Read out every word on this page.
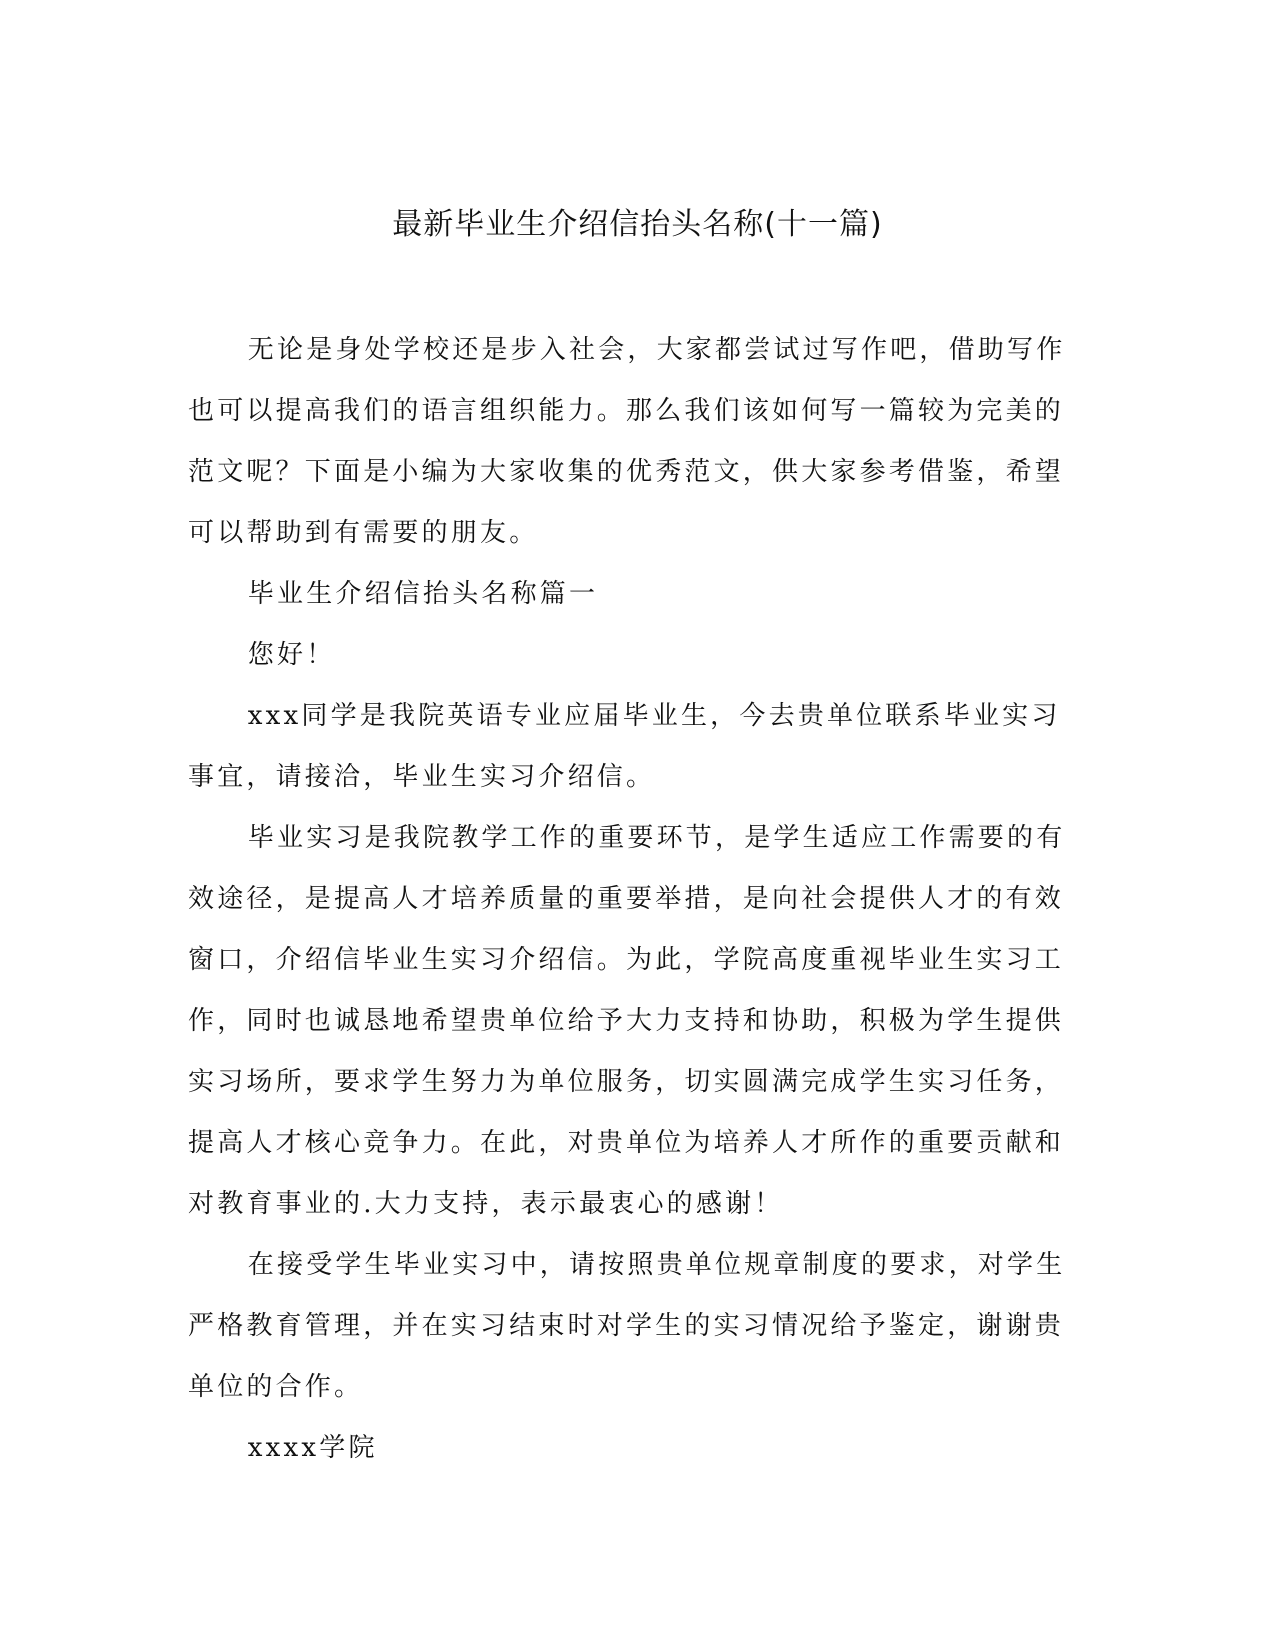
最新毕业生介绍信抬头名称(十一篇)

无论是身处学校还是步入社会，大家都尝试过写作吧，借助写作也可以提高我们的语言组织能力。那么我们该如何写一篇较为完美的范文呢？下面是小编为大家收集的优秀范文，供大家参考借鉴，希望可以帮助到有需要的朋友。

毕业生介绍信抬头名称篇一

您好！

xxx同学是我院英语专业应届毕业生，今去贵单位联系毕业实习事宜，请接洽，毕业生实习介绍信。

毕业实习是我院教学工作的重要环节，是学生适应工作需要的有效途径，是提高人才培养质量的重要举措，是向社会提供人才的有效窗口，介绍信毕业生实习介绍信。为此，学院高度重视毕业生实习工作，同时也诚恳地希望贵单位给予大力支持和协助，积极为学生提供实习场所，要求学生努力为单位服务，切实圆满完成学生实习任务，提高人才核心竞争力。在此，对贵单位为培养人才所作的重要贡献和对教育事业的.大力支持，表示最衷心的感谢！

在接受学生毕业实习中，请按照贵单位规章制度的要求，对学生严格教育管理，并在实习结束时对学生的实习情况给予鉴定，谢谢贵单位的合作。

xxxx学院
